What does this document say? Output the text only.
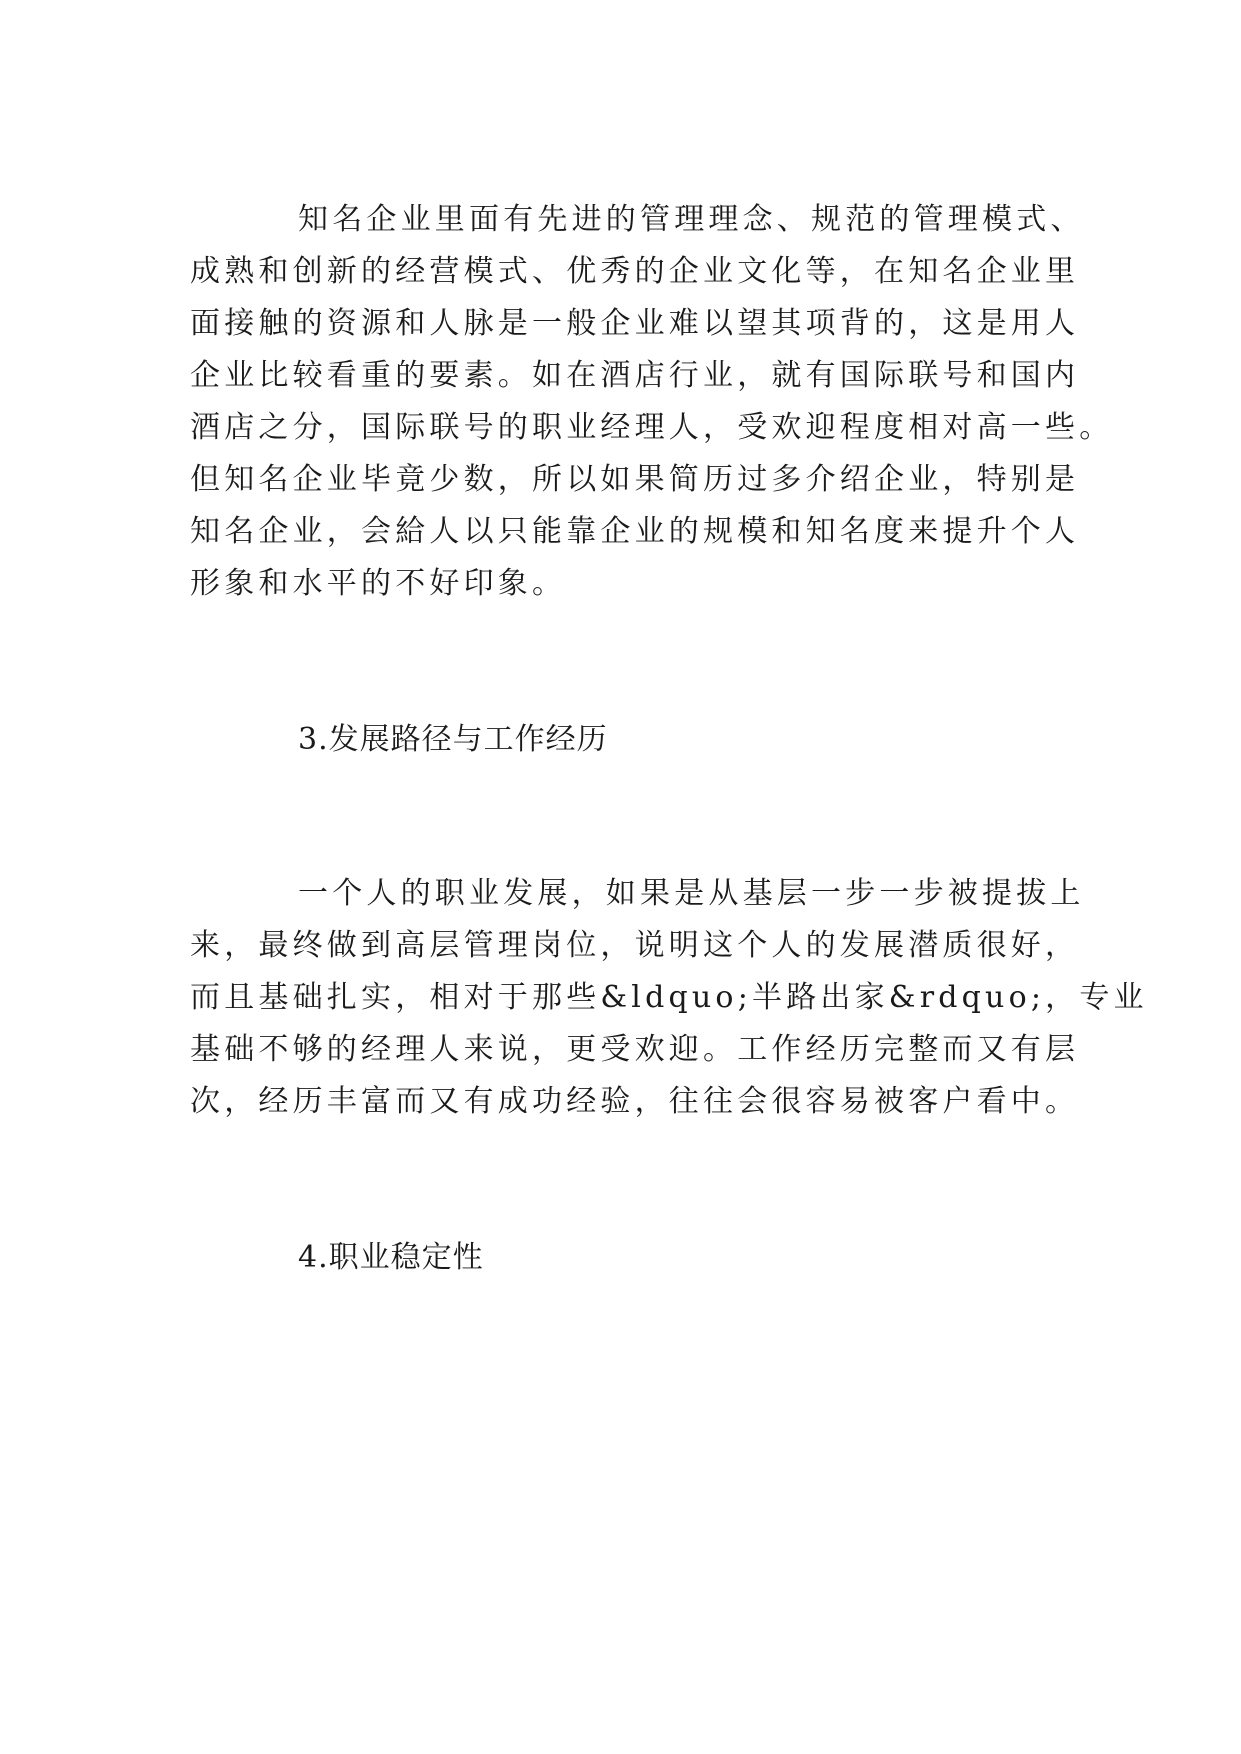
知名企业里面有先进的管理理念、规范的管理模式、
成熟和创新的经营模式、优秀的企业文化等，在知名企业里
面接触的资源和人脉是一般企业难以望其项背的，这是用人
企业比较看重的要素。如在酒店行业，就有国际联号和国内
酒店之分，国际联号的职业经理人，受欢迎程度相对高一些。
但知名企业毕竟少数，所以如果简历过多介绍企业，特别是
知名企业，会給人以只能靠企业的规模和知名度来提升个人
形象和水平的不好印象。
3.发展路径与工作经历
一个人的职业发展，如果是从基层一步一步被提拔上
来，最终做到高层管理岗位，说明这个人的发展潜质很好，
而且基础扎实，相对于那些&ldquo;半路出家&rdquo;，专业
基础不够的经理人来说，更受欢迎。工作经历完整而又有层
次，经历丰富而又有成功经验，往往会很容易被客户看中。
4.职业稳定性
